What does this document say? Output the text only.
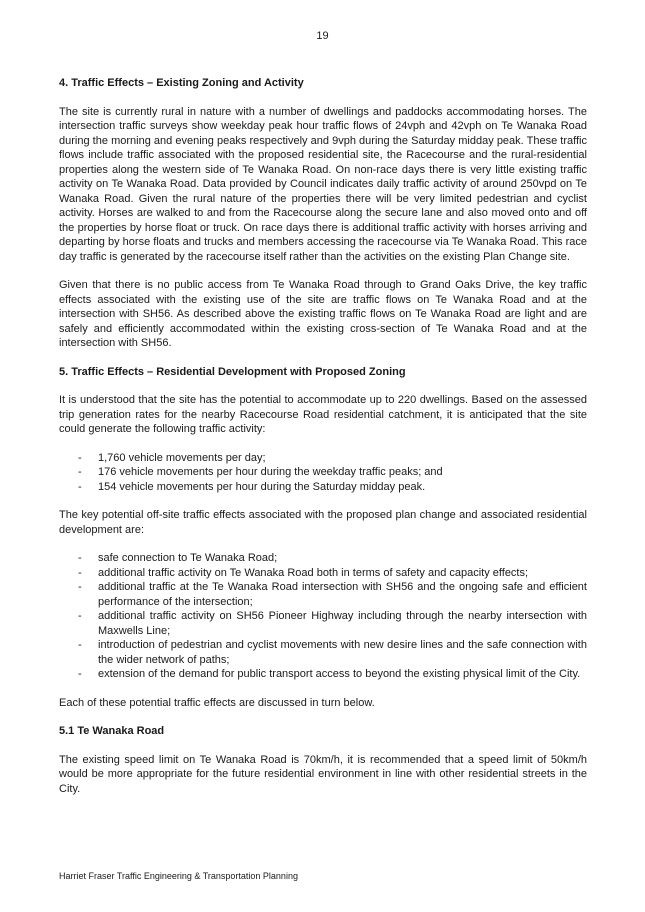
19
4. Traffic Effects – Existing Zoning and Activity

The site is currently rural in nature with a number of dwellings and paddocks accommodating horses. The intersection traffic surveys show weekday peak hour traffic flows of 24vph and 42vph on Te Wanaka Road during the morning and evening peaks respectively and 9vph during the Saturday midday peak. These traffic flows include traffic associated with the proposed residential site, the Racecourse and the rural-residential properties along the western side of Te Wanaka Road. On non-race days there is very little existing traffic activity on Te Wanaka Road. Data provided by Council indicates daily traffic activity of around 250vpd on Te Wanaka Road. Given the rural nature of the properties there will be very limited pedestrian and cyclist activity. Horses are walked to and from the Racecourse along the secure lane and also moved onto and off the properties by horse float or truck. On race days there is additional traffic activity with horses arriving and departing by horse floats and trucks and members accessing the racecourse via Te Wanaka Road. This race day traffic is generated by the racecourse itself rather than the activities on the existing Plan Change site.

Given that there is no public access from Te Wanaka Road through to Grand Oaks Drive, the key traffic effects associated with the existing use of the site are traffic flows on Te Wanaka Road and at the intersection with SH56. As described above the existing traffic flows on Te Wanaka Road are light and are safely and efficiently accommodated within the existing cross-section of Te Wanaka Road and at the intersection with SH56.

5. Traffic Effects – Residential Development with Proposed Zoning

It is understood that the site has the potential to accommodate up to 220 dwellings. Based on the assessed trip generation rates for the nearby Racecourse Road residential catchment, it is anticipated that the site could generate the following traffic activity:

- 1,760 vehicle movements per day;
- 176 vehicle movements per hour during the weekday traffic peaks; and
- 154 vehicle movements per hour during the Saturday midday peak.

The key potential off-site traffic effects associated with the proposed plan change and associated residential development are:

- safe connection to Te Wanaka Road;
- additional traffic activity on Te Wanaka Road both in terms of safety and capacity effects;
- additional traffic at the Te Wanaka Road intersection with SH56 and the ongoing safe and efficient performance of the intersection;
- additional traffic activity on SH56 Pioneer Highway including through the nearby intersection with Maxwells Line;
- introduction of pedestrian and cyclist movements with new desire lines and the safe connection with the wider network of paths;
- extension of the demand for public transport access to beyond the existing physical limit of the City.

Each of these potential traffic effects are discussed in turn below.

5.1 Te Wanaka Road

The existing speed limit on Te Wanaka Road is 70km/h, it is recommended that a speed limit of 50km/h would be more appropriate for the future residential environment in line with other residential streets in the City.

Harriet Fraser Traffic Engineering & Transportation Planning
